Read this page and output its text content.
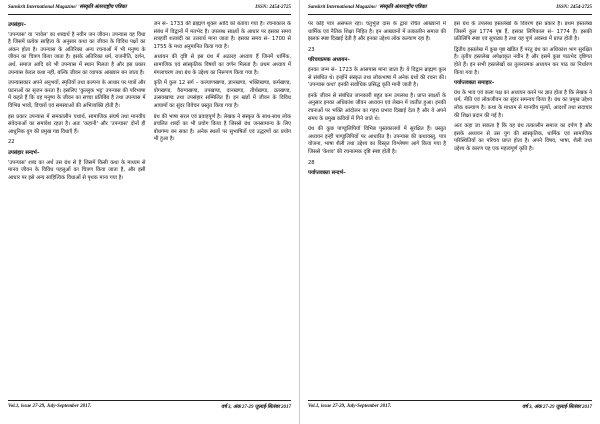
Sanskrit International Magazine/ 'संस्कृति अंतरराष्ट्रीय पत्रिका	ISSN: 2454-2725

उपसंहार–

'उपन्यास' या 'नावेल' का शब्दार्थ है नवीन जन जीवन। उपन्यास वह विधा है जिसमें प्रत्येक साहित्य के अनुसार कथा का जीवन के विविध पक्षों का अंकन होता है। उपन्यास के अतिरिक्त अन्य रचनाओं में भी मनुष्य के जीवन का चित्रण किया जाता है। इसके अतिरिक्त धर्म, राजनीति, दर्शन, अर्थ, समाज आदि को भी उपन्यास में स्थान मिलता है और इस प्रकार उपन्यास केवल कथा नहीं, बल्कि जीवन का व्यापक आख्यान बन जाता है।

उपन्यासकार अपने अनुभवों, स्मृतियों तथा कल्पना के आधार पर पात्रों और घटनाओं का सृजन करता है। इसलिए 'कुल्लुक भट्ट' उपन्यास की परिभाषा में कहते हैं कि यह मनुष्य के जीवन का सच्चा प्रतिबिंब है तथा उपन्यास में विभिन्न भावों, विचारों एवं समस्याओं की अभिव्यक्ति होती है।

इस प्रकार उपन्यास में समकालीन यथार्थ, सामाजिक संघर्ष तथा मानवीय संवेदनाओं का समावेश रहता है। अतः 'कहानी' और 'उपन्यास' दोनों ही आधुनिक युग की प्रमुख गद्य विधाएँ हैं।

22

उपसंहार सन्दर्भ–

'उपन्यास' शब्द का अर्थ उस ग्रंथ से है जिसमें किसी कथा के माध्यम से मानव जीवन के विविध पहलुओं का चित्रण किया जाता है, और इसी आधार पर इसे अन्य साहित्यिक विधाओं से पृथक माना गया है।

जन सं– 1733 की ब्राह्मण शुक्ल आदि को बताया गया है। रचनाकाल के संबंध में विद्वानों में मतभेद है। उपलब्ध साक्ष्यों के आधार पर इसका समय सत्रहवीं शताब्दी का उत्तरार्ध माना जाता है। इसका समय सं– 1700 से 1755 के मध्य अनुमानित किया गया है।

अध्ययन की दृष्टि से इस ग्रंथ में अठारह अध्याय हैं जिनमें धार्मिक, सामाजिक एवं सांस्कृतिक विषयों का वर्णन मिलता है। प्रथम अध्याय में मंगलाचरण तथा ग्रंथ के उद्देश्य का निरूपण किया गया है।

कृति में कुल 12 सर्ग – कल्याणखण्ड, ज्ञानखण्ड, भक्तिखण्ड, कर्मखण्ड, योगखण्ड, वैराग्यखण्ड, तपखण्ड, दानखण्ड, तीर्थखण्ड, व्रतखण्ड, उत्सवखण्ड तथा उपसंहार सम्मिलित हैं। इन खंडों में जीवन के विविध आयामों का सुंदर विवेचन प्रस्तुत किया गया है।

ग्रंथ की भाषा सरल एवं प्रवाहपूर्ण है। लेखक ने संस्कृत के साथ-साथ लोक प्रचलित शब्दों का भी प्रयोग किया है जिससे ग्रंथ जनसामान्य के लिए बोधगम्य बन सका है। अनेक स्थलों पर सुभाषितों एवं उद्धरणों का प्रयोग भी हुआ है।

Vol.1, issue 27-29, July-September 2017.	वर्ष 3, अंक 27-29 जुलाई-सितंबर 2017
Sanskrit International Magazine/ 'संस्कृति अंतरराष्ट्रीय पत्रिका	ISSN: 2454-2725

पर कोई पात्र असफल रहा। चतुर्भुज दास के द्वारा रचित आख्यानों में धार्मिक एवं नैतिक शिक्षा निहित है। इन आख्यानों में तत्कालीन समाज की झलक स्पष्ट दिखाई देती है और इनका उद्देश्य लोक कल्याण रहा है।

23

परिचयात्मक अध्ययन–

इनका जन्म सं– 1723 के आसपास माना जाता है। ये विद्वान ब्राह्मण कुल से संबंधित थे। इन्होंने संस्कृत तथा लोकभाषा में अनेक ग्रंथों की रचना की। 'उपन्यास कथा' इनकी सर्वाधिक प्रसिद्ध कृति मानी जाती है।

इनके जीवन से संबंधित जानकारी बहुत कम उपलब्ध है। प्राप्त साक्ष्यों के अनुसार इनका अधिकांश जीवन अध्ययन एवं लेखन में व्यतीत हुआ। इनकी रचनाओं पर भक्ति आंदोलन का गहरा प्रभाव दिखाई देता है और ये अपने समय के प्रमुख कवियों में गिने जाते थे।

ग्रंथ की कुछ पाण्डुलिपियाँ विभिन्न पुस्तकालयों में सुरक्षित हैं। प्रस्तुत अध्ययन इन्हीं पाण्डुलिपियों पर आधारित है। उपन्यास की कथावस्तु, पात्र योजना, भाषा शैली तथा उद्देश्य का विस्तृत विश्लेषण आगे किया गया है जिससे 'केशव' की रचनात्मक दृष्टि स्पष्ट होती है।

28

पर्याप्तवक्ता सन्दर्भ–

इस ग्रंथ के उपलब्ध हस्तलेखों के विवरण इस प्रकार हैं। प्रथम हस्तलेख जिसमें कुल 1774 पृष्ठ हैं, इसका लिपिकाल सं– 1774 है। इसकी प्रतिलिपि स्पष्ट एवं सुपाठ्य है तथा यह पूर्ण अवस्था में प्राप्त होती है।

द्वितीय हस्तलेख में कुछ पृष्ठ खंडित हैं परंतु ग्रंथ का अधिकांश भाग सुरक्षित है। तृतीय हस्तलेख अपेक्षाकृत नवीन है और इसमें कुछ पाठभेद दृष्टिगत होते हैं। इन सभी हस्तलेखों का तुलनात्मक अध्ययन कर पाठ का निर्धारण किया गया है।

पर्याप्तवक्ता समाहार–

ग्रंथ के भाव एवं कला पक्ष का अध्ययन करने पर ज्ञात होता है कि लेखक ने धर्म, नीति एवं लोकजीवन का सुंदर समन्वय किया है। ग्रंथ का प्रमुख उद्देश्य लोक कल्याण है। कथा के माध्यम से मानवीय मूल्यों, आदर्शों तथा सदाचार की शिक्षा प्रदान की गई है।

अतः कहा जा सकता है कि यह ग्रंथ तत्कालीन समाज का दर्पण है और इसके अध्ययन से उस युग की सांस्कृतिक, धार्मिक एवं सामाजिक परिस्थितियों का परिचय प्राप्त होता है। अपने विषय, भाषा, शैली तथा उद्देश्य के कारण यह एक महत्वपूर्ण कृति है।

Vol.1, issue 27-29, July-September 2017.	वर्ष 3, अंक 27-29 जुलाई-सितंबर 2017
